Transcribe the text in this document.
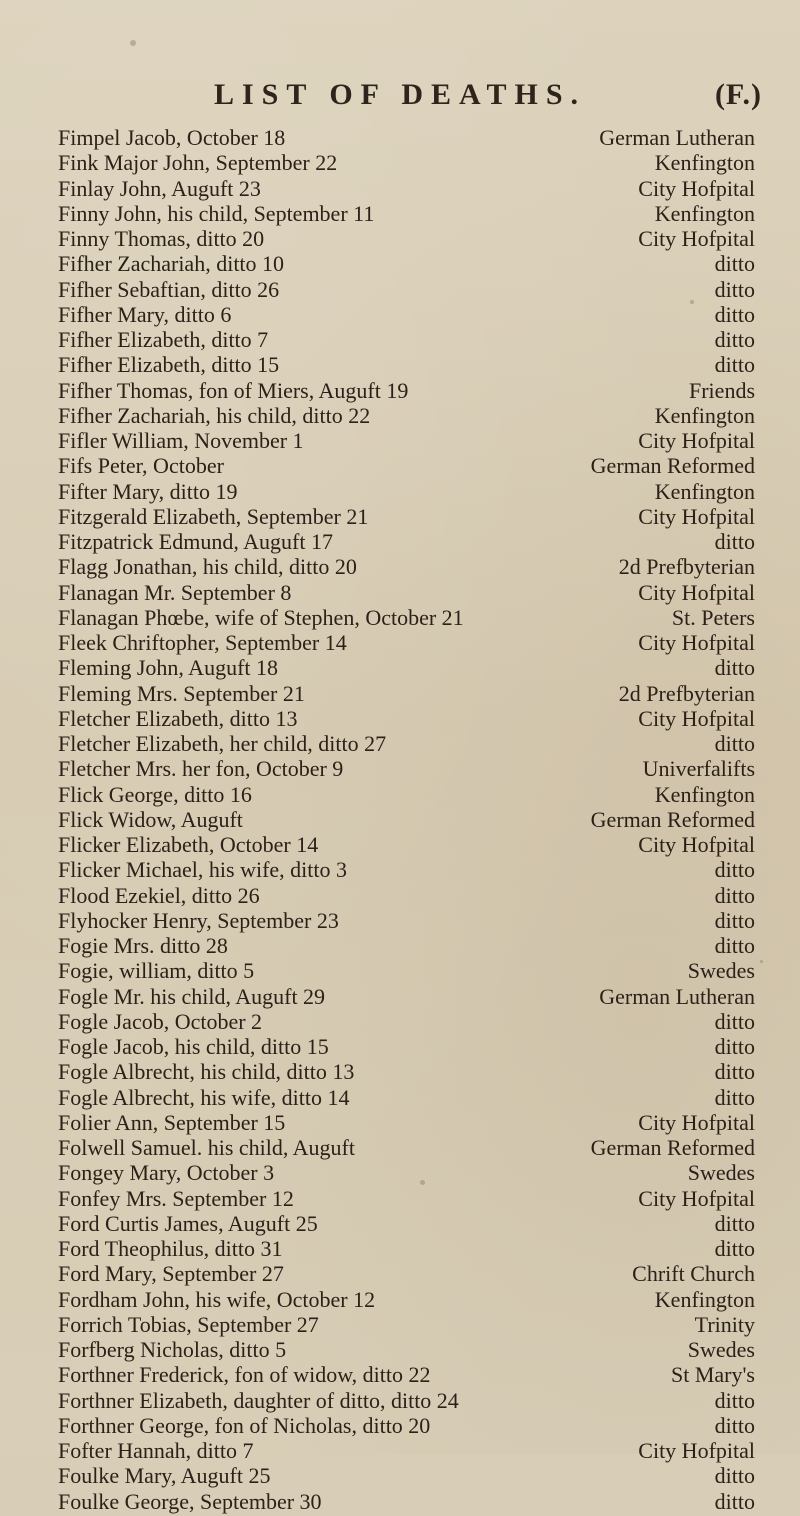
LIST OF DEATHS.	(F.)
Fimpel Jacob, October 18	German Lutheran
Fink Major John, September 22	Kenfington
Finlay John, Auguft 23	City Hofpital
Finny John, his child, September 11	Kenfington
Finny Thomas, ditto 20	City Hofpital
Fifher Zachariah, ditto 10	ditto
Fifher Sebaftian, ditto 26	ditto
Fifher Mary, ditto 6	ditto
Fifher Elizabeth, ditto 7	ditto
Fifher Elizabeth, ditto 15	ditto
Fifher Thomas, fon of Miers, Auguft 19	Friends
Fifher Zachariah, his child, ditto 22	Kenfington
Fifler William, November 1	City Hofpital
Fifs Peter, October	German Reformed
Fifter Mary, ditto 19	Kenfington
Fitzgerald Elizabeth, September 21	City Hofpital
Fitzpatrick Edmund, Auguft 17	ditto
Flagg Jonathan, his child, ditto 20	2d Prefbyterian
Flanagan Mr. September 8	City Hofpital
Flanagan Phœbe, wife of Stephen, October 21	St. Peters
Fleek Chriftopher, September 14	City Hofpital
Fleming John, Auguft 18	ditto
Fleming Mrs. September 21	2d Prefbyterian
Fletcher Elizabeth, ditto 13	City Hofpital
Fletcher Elizabeth, her child, ditto 27	ditto
Fletcher Mrs. her fon, October 9	Univerfalifts
Flick George, ditto 16	Kenfington
Flick Widow, Auguft	German Reformed
Flicker Elizabeth, October 14	City Hofpital
Flicker Michael, his wife, ditto 3	ditto
Flood Ezekiel, ditto 26	ditto
Flyhocker Henry, September 23	ditto
Fogie Mrs. ditto 28	ditto
Fogie, william, ditto 5	Swedes
Fogle Mr. his child, Auguft 29	German Lutheran
Fogle Jacob, October 2	ditto
Fogle Jacob, his child, ditto 15	ditto
Fogle Albrecht, his child, ditto 13	ditto
Fogle Albrecht, his wife, ditto 14	ditto
Folier Ann, September 15	City Hofpital
Folwell Samuel. his child, Auguft	German Reformed
Fongey Mary, October 3	Swedes
Fonfey Mrs. September 12	City Hofpital
Ford Curtis James, Auguft 25	ditto
Ford Theophilus, ditto 31	ditto
Ford Mary, September 27	Chrift Church
Fordham John, his wife, October 12	Kenfington
Forrich Tobias, September 27	Trinity
Forfberg Nicholas, ditto 5	Swedes
Forthner Frederick, fon of widow, ditto 22	St Mary's
Forthner Elizabeth, daughter of ditto, ditto 24	ditto
Forthner George, fon of Nicholas, ditto 20	ditto
Fofter Hannah, ditto 7	City Hofpital
Foulke Mary, Auguft 25	ditto
Foulke George, September 30	ditto
